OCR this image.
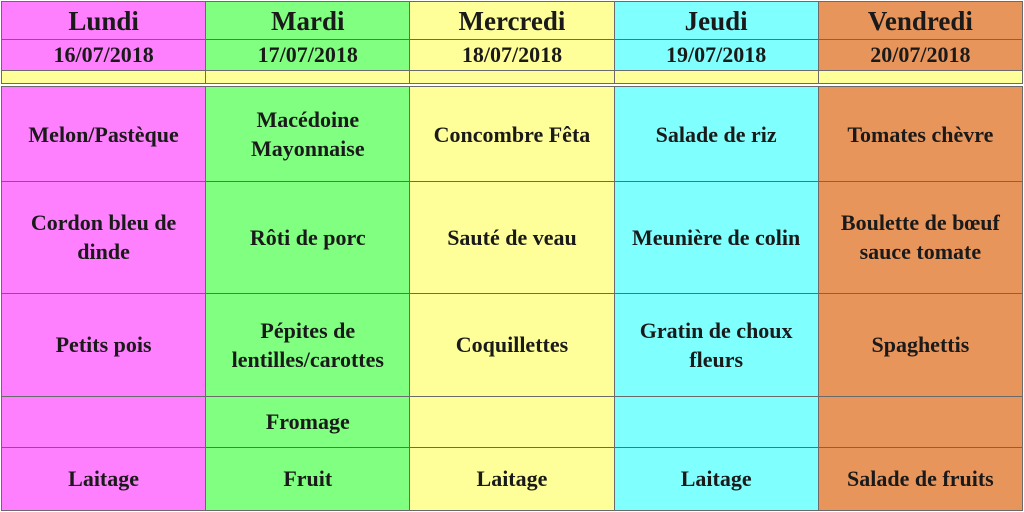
Lundi	Mardi	Mercredi	Jeudi	Vendredi
16/07/2018	17/07/2018	18/07/2018	19/07/2018	20/07/2018

Melon/Pastèque	Macédoine Mayonnaise	Concombre Fêta	Salade de riz	Tomates chèvre
Cordon bleu de dinde	Rôti de porc	Sauté de veau	Meunière de colin	Boulette de bœuf sauce tomate
Petits pois	Pépites de lentilles/carottes	Coquillettes	Gratin de choux fleurs	Spaghettis
	Fromage			
Laitage	Fruit	Laitage	Laitage	Salade de fruits
